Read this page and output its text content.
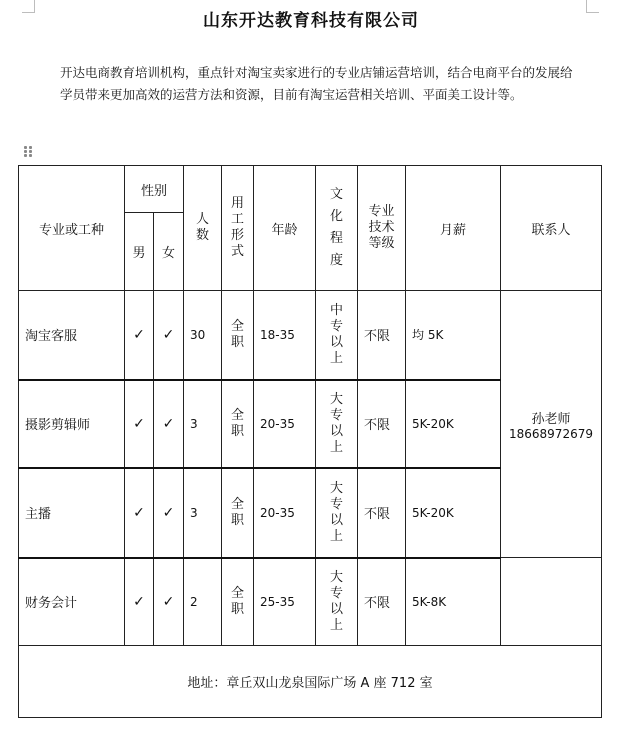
山东开达教育科技有限公司
开达电商教育培训机构，重点针对淘宝卖家进行的专业店铺运营培训，结合电商平台的发展给学员带来更加高效的运营方法和资源，目前有淘宝运营相关培训、平面美工设计等。
专业或工种	性别		人数	用工形式	年龄	文化程度	专业技术等级	月薪	联系人
	男	女							
淘宝客服	✓	✓	30	全职	18-35	中专以上	不限	均 5K	孙老师
18668972679

摄影剪辑师	✓	✓	3	全职	20-35	大专以上	不限	5K-20K	
主播	✓	✓	3	全职	20-35	大专以上	不限	5K-20K	
财务会计	✓	✓	2	全职	25-35	大专以上	不限	5K-8K	
地址：章丘双山龙泉国际广场 A 座 712 室									
